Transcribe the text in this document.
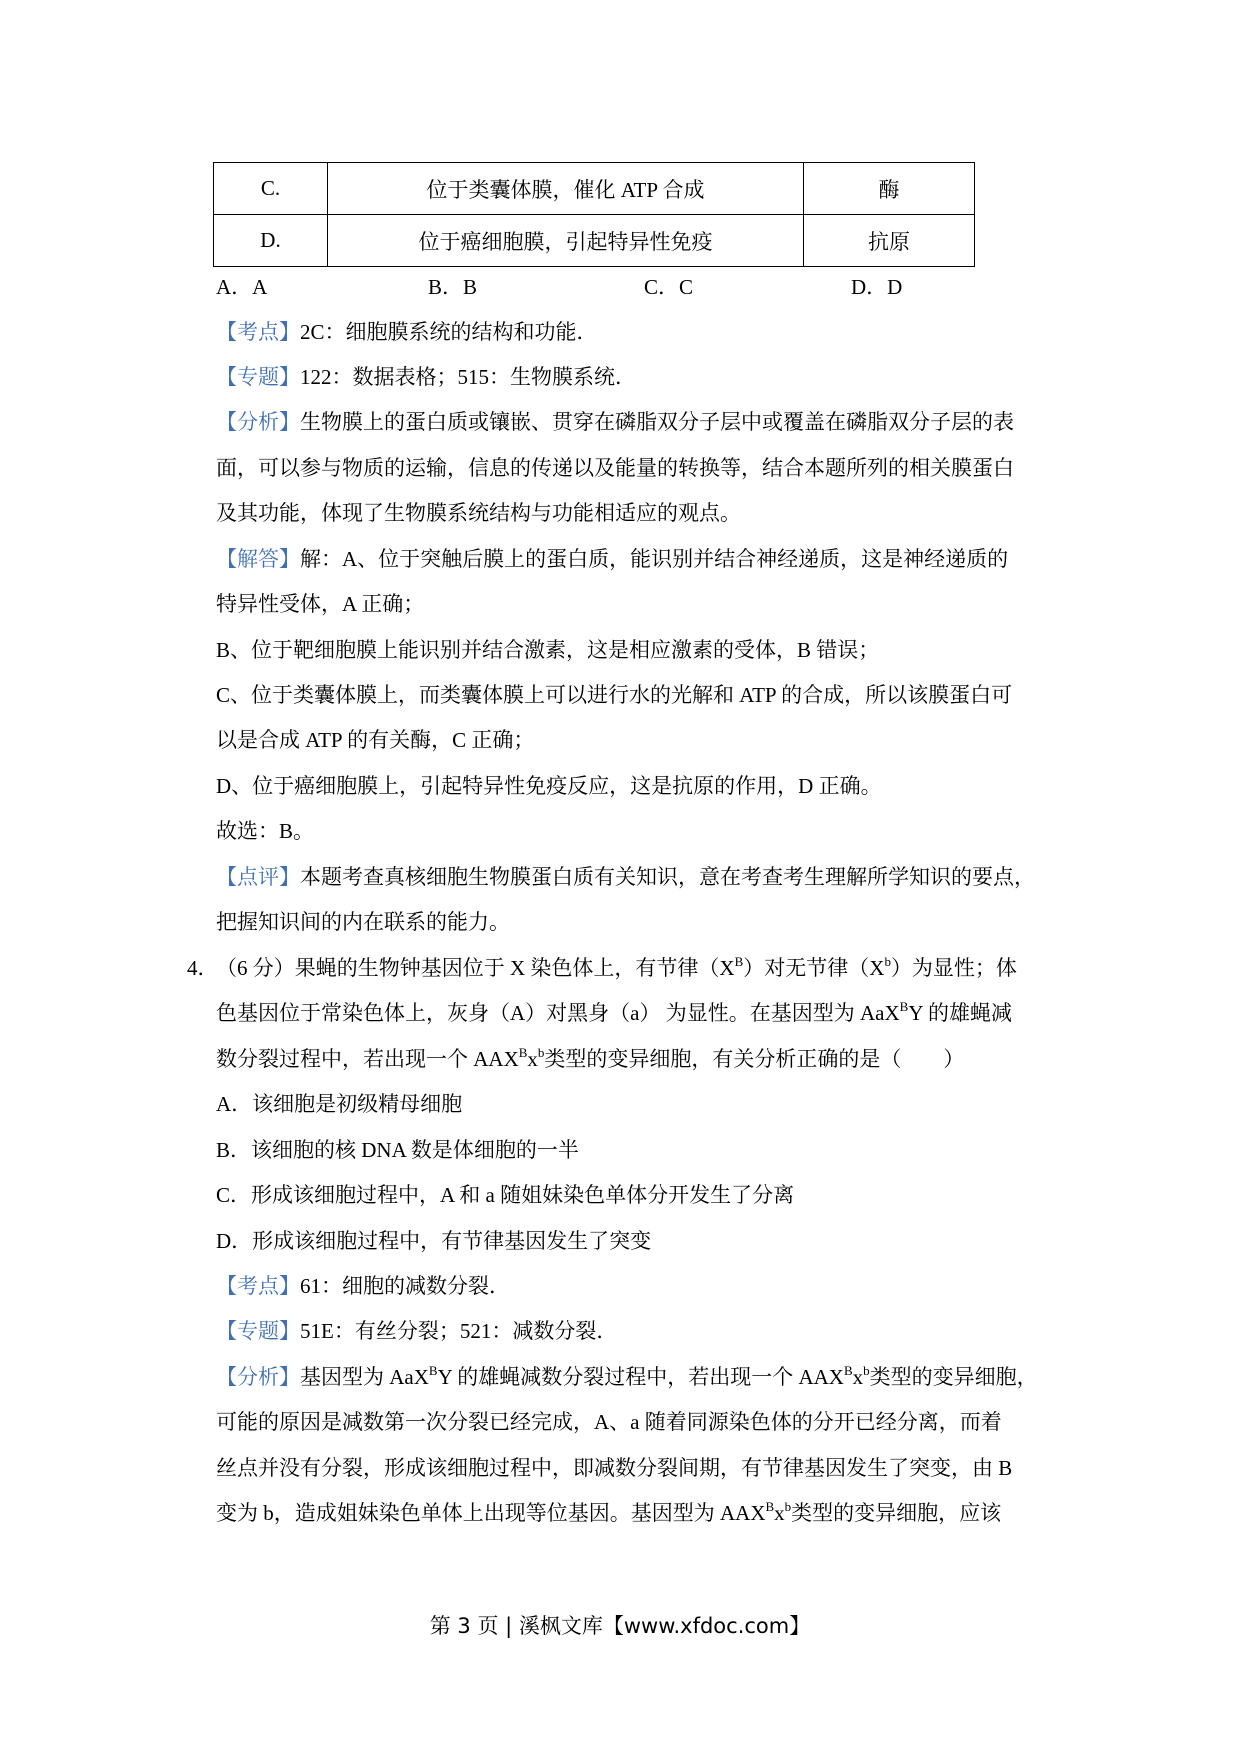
C.	位于类囊体膜，催化 ATP 合成	酶
D.	位于癌细胞膜，引起特异性免疫	抗原
A．A	B．B	C．C	D．D
【考点】2C：细胞膜系统的结构和功能．
【专题】122：数据表格；515：生物膜系统．
【分析】生物膜上的蛋白质或镶嵌、贯穿在磷脂双分子层中或覆盖在磷脂双分子层的表
面，可以参与物质的运输，信息的传递以及能量的转换等，结合本题所列的相关膜蛋白
及其功能，体现了生物膜系统结构与功能相适应的观点。
【解答】解：A、位于突触后膜上的蛋白质，能识别并结合神经递质，这是神经递质的
特异性受体，A 正确；
B、位于靶细胞膜上能识别并结合激素，这是相应激素的受体，B 错误；
C、位于类囊体膜上，而类囊体膜上可以进行水的光解和 ATP 的合成，所以该膜蛋白可
以是合成 ATP 的有关酶，C 正确；
D、位于癌细胞膜上，引起特异性免疫反应，这是抗原的作用，D 正确。
故选：B。
【点评】本题考查真核细胞生物膜蛋白质有关知识，意在考查考生理解所学知识的要点，
把握知识间的内在联系的能力。
4．
（6 分）果蝇的生物钟基因位于 X 染色体上，有节律$(X^B)$对无节律$(X^b)$为显性；体
色基因位于常染色体上，灰身（A）对黑身（a） 为显性。在基因型为 AaX$^B$Y 的雄蝇减
数分裂过程中，若出现一个 $AAX^Bx^b$类型的变异细胞，有关分析正确的是（　　）
A．该细胞是初级精母细胞
B．该细胞的核 DNA 数是体细胞的一半
C．形成该细胞过程中，A 和 a 随姐妹染色单体分开发生了分离
D．形成该细胞过程中，有节律基因发生了突变
【考点】61：细胞的减数分裂．
【专题】51E：有丝分裂；521：减数分裂．
【分析】基因型为 AaX$^B$Y 的雄蝇减数分裂过程中，若出现一个 $AAX^Bx^b$类型的变异细胞，
可能的原因是减数第一次分裂已经完成，A、a 随着同源染色体的分开已经分离，而着
丝点并没有分裂，形成该细胞过程中，即减数分裂间期，有节律基因发生了突变，由 B
变为 b，造成姐妹染色单体上出现等位基因。基因型为 $AAX^Bx^b$类型的变异细胞，应该
第 3 页 | 溪枫文库【www.xfdoc.com】
